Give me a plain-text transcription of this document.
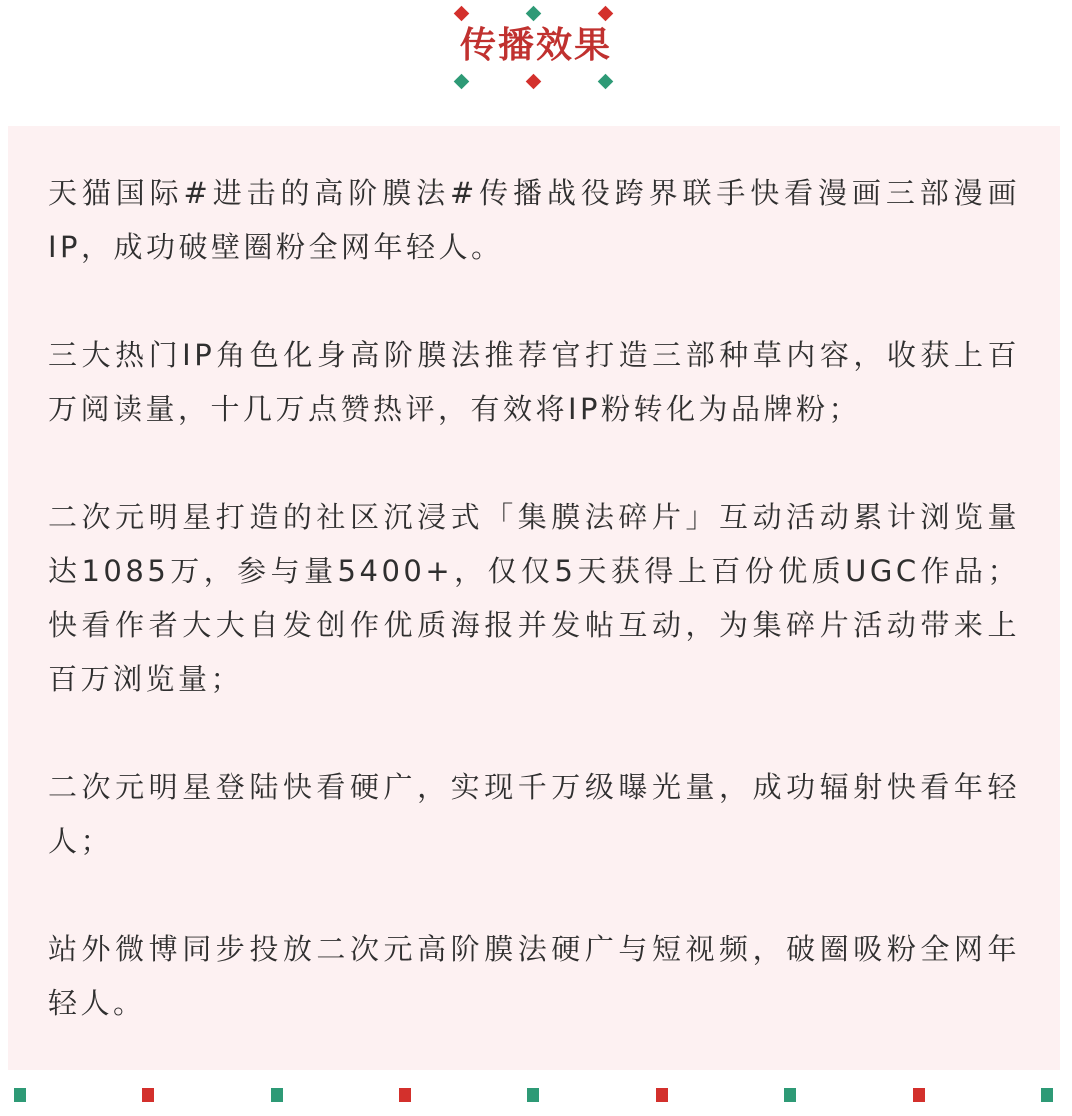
传播效果

天猫国际#进击的高阶膜法#传播战役跨界联手快看漫画三部漫画IP，成功破壁圈粉全网年轻人。

三大热门IP角色化身高阶膜法推荐官打造三部种草内容，收获上百万阅读量，十几万点赞热评，有效将IP粉转化为品牌粉；

二次元明星打造的社区沉浸式「集膜法碎片」互动活动累计浏览量达1085万，参与量5400+，仅仅5天获得上百份优质UGC作品；快看作者大大自发创作优质海报并发帖互动，为集碎片活动带来上百万浏览量；

二次元明星登陆快看硬广，实现千万级曝光量，成功辐射快看年轻人；

站外微博同步投放二次元高阶膜法硬广与短视频，破圈吸粉全网年轻人。
